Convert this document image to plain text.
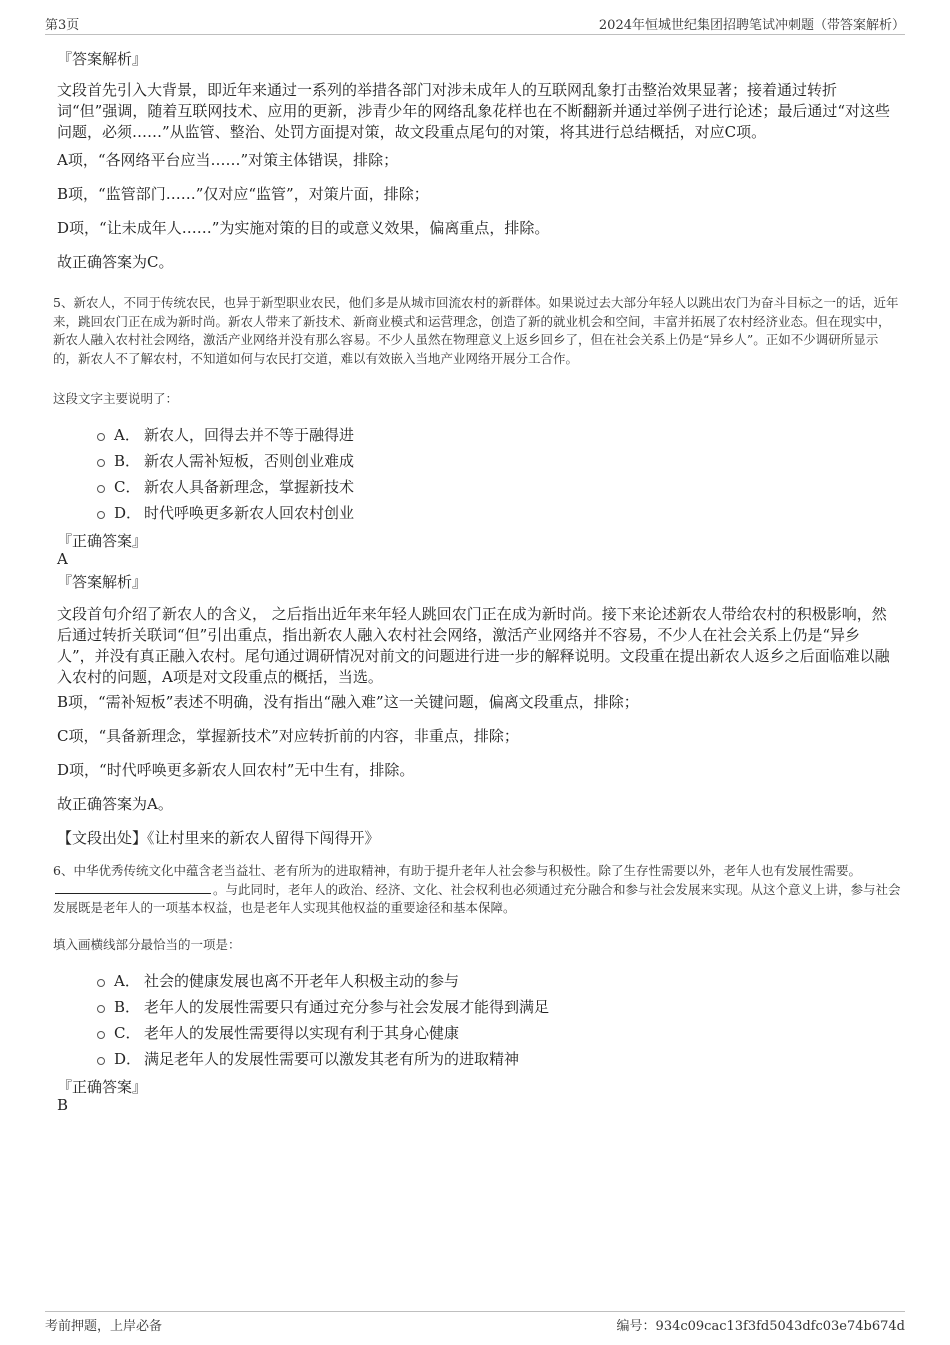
第3页	2024年恒城世纪集团招聘笔试冲刺题（带答案解析）
『答案解析』
文段首先引入大背景，即近年来通过一系列的举措各部门对涉未成年人的互联网乱象打击整治效果显著；接着通过转折词“但”强调，随着互联网技术、应用的更新，涉青少年的网络乱象花样也在不断翻新并通过举例子进行论述；最后通过“对这些问题，必须……”从监管、整治、处罚方面提对策，故文段重点尾句的对策，将其进行总结概括，对应C项。
A项，“各网络平台应当……”对策主体错误，排除；
B项，“监管部门……”仅对应“监管”，对策片面，排除；
D项，“让未成年人……”为实施对策的目的或意义效果，偏离重点，排除。
故正确答案为C。
5、新农人，不同于传统农民，也异于新型职业农民，他们多是从城市回流农村的新群体。如果说过去大部分年轻人以跳出农门为奋斗目标之一的话，近年来，跳回农门正在成为新时尚。新农人带来了新技术、新商业模式和运营理念，创造了新的就业机会和空间，丰富并拓展了农村经济业态。但在现实中，新农人融入农村社会网络，激活产业网络并没有那么容易。不少人虽然在物理意义上返乡回乡了，但在社会关系上仍是“异乡人”。正如不少调研所显示的，新农人不了解农村，不知道如何与农民打交道，难以有效嵌入当地产业网络开展分工合作。
这段文字主要说明了：
A． 新农人，回得去并不等于融得进
B． 新农人需补短板，否则创业难成
C． 新农人具备新理念，掌握新技术
D． 时代呼唤更多新农人回农村创业
『正确答案』
A
『答案解析』
文段首句介绍了新农人的含义， 之后指出近年来年轻人跳回农门正在成为新时尚。接下来论述新农人带给农村的积极影响，然后通过转折关联词“但”引出重点，指出新农人融入农村社会网络，激活产业网络并不容易，不少人在社会关系上仍是“异乡人”，并没有真正融入农村。尾句通过调研情况对前文的问题进行进一步的解释说明。文段重在提出新农人返乡之后面临难以融入农村的问题，A项是对文段重点的概括，当选。
B项，“需补短板”表述不明确，没有指出“融入难”这一关键问题，偏离文段重点，排除；
C项，“具备新理念，掌握新技术”对应转折前的内容，非重点，排除；
D项，“时代呼唤更多新农人回农村”无中生有，排除。
故正确答案为A。
【文段出处】《让村里来的新农人留得下闯得开》
6、中华优秀传统文化中蕴含老当益壮、老有所为的进取精神，有助于提升老年人社会参与积极性。除了生存性需要以外，老年人也有发展性需要。。与此同时，老年人的政治、经济、文化、社会权利也必须通过充分融合和参与社会发展来实现。从这个意义上讲，参与社会发展既是老年人的一项基本权益，也是老年人实现其他权益的重要途径和基本保障。
填入画横线部分最恰当的一项是：
A． 社会的健康发展也离不开老年人积极主动的参与
B． 老年人的发展性需要只有通过充分参与社会发展才能得到满足
C． 老年人的发展性需要得以实现有利于其身心健康
D． 满足老年人的发展性需要可以激发其老有所为的进取精神
『正确答案』
B
考前押题，上岸必备	编号：934c09cac13f3fd5043dfc03e74b674d
